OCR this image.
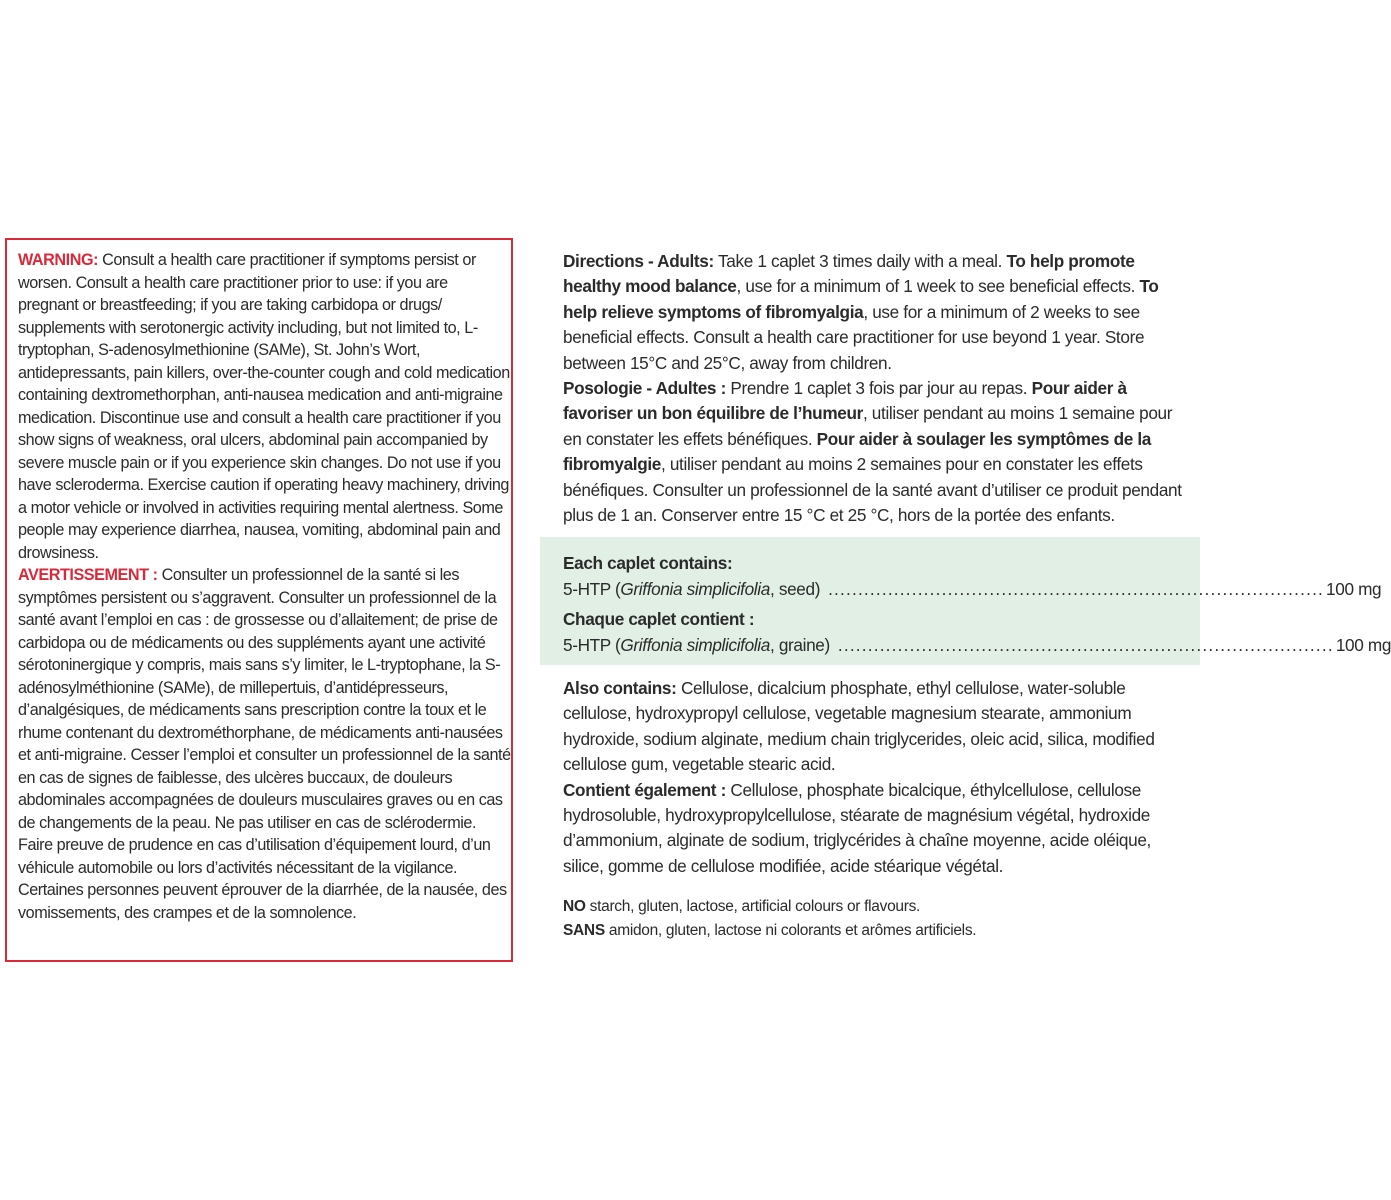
WARNING: Consult a health care practitioner if symptoms persist or worsen. Consult a health care practitioner prior to use: if you are pregnant or breastfeeding; if you are taking carbidopa or drugs/ supplements with serotonergic activity including, but not limited to, L-tryptophan, S-adenosylmethionine (SAMe), St. John’s Wort, antidepressants, pain killers, over-the-counter cough and cold medication containing dextromethorphan, anti-nausea medication and anti-migraine medication. Discontinue use and consult a health care practitioner if you show signs of weakness, oral ulcers, abdominal pain accompanied by severe muscle pain or if you experience skin changes. Do not use if you have scleroderma. Exercise caution if operating heavy machinery, driving a motor vehicle or involved in activities requiring mental alertness. Some people may experience diarrhea, nausea, vomiting, abdominal pain and drowsiness.

AVERTISSEMENT : Consulter un professionnel de la santé si les symptômes persistent ou s’aggravent. Consulter un professionnel de la santé avant l’emploi en cas : de grossesse ou d’allaitement; de prise de carbidopa ou de médicaments ou des suppléments ayant une activité sérotoninergique y compris, mais sans s’y limiter, le L-tryptophane, la S-adénosylméthionine (SAMe), de millepertuis, d’antidépresseurs, d’analgésiques, de médicaments sans prescription contre la toux et le rhume contenant du dextrométhorphane, de médicaments anti-nausées et anti-migraine. Cesser l’emploi et consulter un professionnel de la santé en cas de signes de faiblesse, des ulcères buccaux, de douleurs abdominales accompagnées de douleurs musculaires graves ou en cas de changements de la peau. Ne pas utiliser en cas de sclérodermie. Faire preuve de prudence en cas d’utilisation d’équipement lourd, d’un véhicule automobile ou lors d’activités nécessitant de la vigilance. Certaines personnes peuvent éprouver de la diarrhée, de la nausée, des vomissements, des crampes et de la somnolence.

Directions - Adults: Take 1 caplet 3 times daily with a meal. To help promote healthy mood balance, use for a minimum of 1 week to see beneficial effects. To help relieve symptoms of fibromyalgia, use for a minimum of 2 weeks to see beneficial effects. Consult a health care practitioner for use beyond 1 year. Store between 15°C and 25°C, away from children.

Posologie - Adultes : Prendre 1 caplet 3 fois par jour au repas. Pour aider à favoriser un bon équilibre de l’humeur, utiliser pendant au moins 1 semaine pour en constater les effets bénéfiques. Pour aider à soulager les symptômes de la fibromyalgie, utiliser pendant au moins 2 semaines pour en constater les effets bénéfiques. Consulter un professionnel de la santé avant d’utiliser ce produit pendant plus de 1 an. Conserver entre 15 °C et 25 °C, hors de la portée des enfants.

Each caplet contains:
5-HTP (Griffonia simplicifolia, seed) ................................................................................... 100 mg
Chaque caplet contient :
5-HTP (Griffonia simplicifolia, graine) ................................................................................... 100 mg

Also contains: Cellulose, dicalcium phosphate, ethyl cellulose, water-soluble cellulose, hydroxypropyl cellulose, vegetable magnesium stearate, ammonium hydroxide, sodium alginate, medium chain triglycerides, oleic acid, silica, modified cellulose gum, vegetable stearic acid.

Contient également : Cellulose, phosphate bicalcique, éthylcellulose, cellulose hydrosoluble, hydroxypropylcellulose, stéarate de magnésium végétal, hydroxide d’ammonium, alginate de sodium, triglycérides à chaîne moyenne, acide oléique, silice, gomme de cellulose modifiée, acide stéarique végétal.

NO starch, gluten, lactose, artificial colours or flavours.

SANS amidon, gluten, lactose ni colorants et arômes artificiels.
